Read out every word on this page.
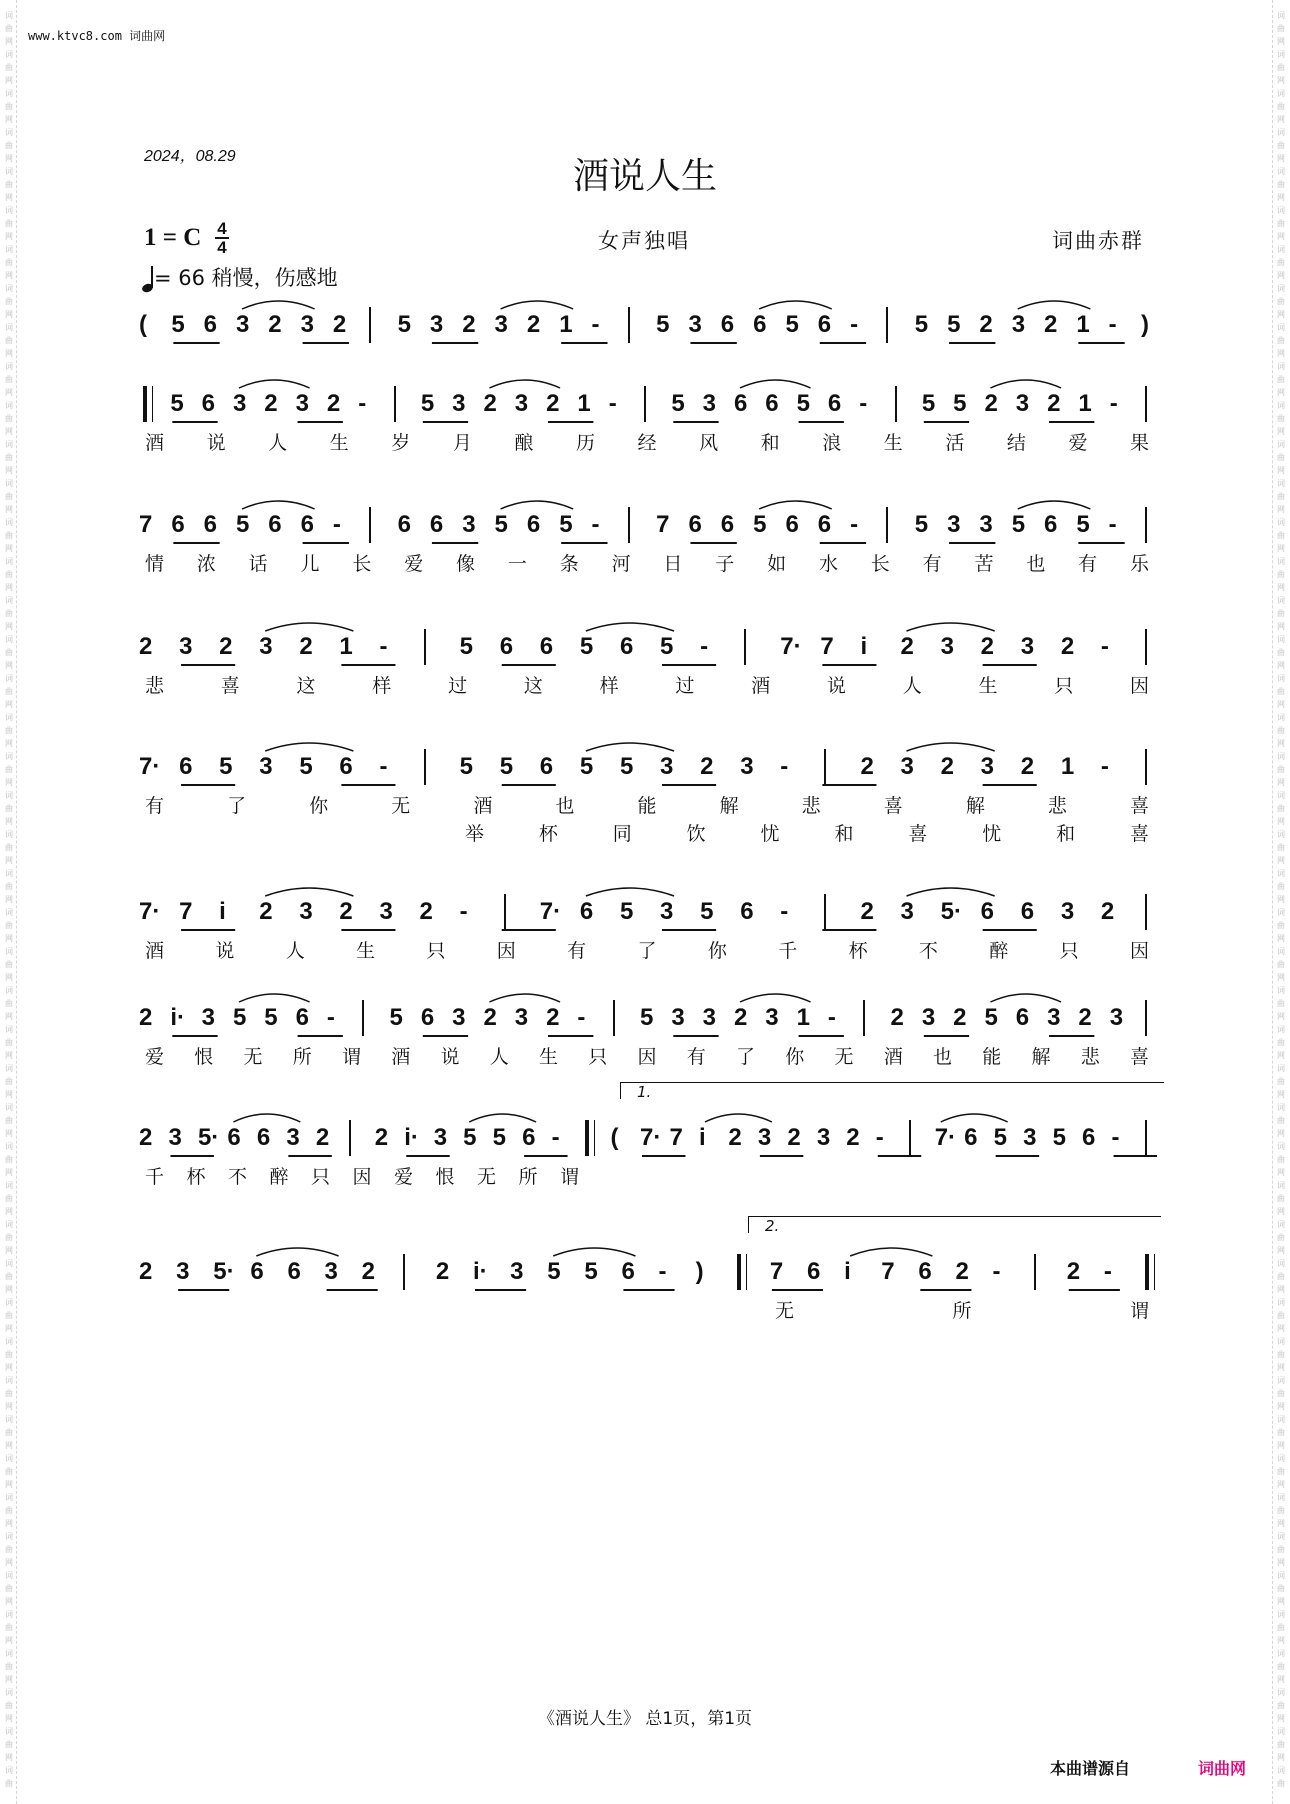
词
曲
网
词
曲
网
词
曲
网
词
曲
网
词
曲
网
词
曲
网
词
曲
网
词
曲
网
词
曲
网
词
曲
网
词
曲
网
词
曲
网
词
曲
网
词
曲
网
词
曲
网
词
曲
网
词
曲
网
词
曲
网
词
曲
网
词
曲
网
词
曲
网
词
曲
网
词
曲
网
词
曲
网
词
曲
网
词
曲
网
词
曲
网
词
曲
网
词
曲
网
词
曲
网
词
曲
网
词
曲
网
词
曲
网
词
曲
网
词
曲
网
词
曲
网
词
曲
网
词
曲
网
词
曲
网
词
曲
网
词
曲
网
词
曲
网
词
曲
网
词
曲
网
词
曲
网
词
曲
词
曲
网
词
曲
网
词
曲
网
词
曲
网
词
曲
网
词
曲
网
词
曲
网
词
曲
网
词
曲
网
词
曲
网
词
曲
网
词
曲
网
词
曲
网
词
曲
网
词
曲
网
词
曲
网
词
曲
网
词
曲
网
词
曲
网
词
曲
网
词
曲
网
词
曲
网
词
曲
网
词
曲
网
词
曲
网
词
曲
网
词
曲
网
词
曲
网
词
曲
网
词
曲
网
词
曲
网
词
曲
网
词
曲
网
词
曲
网
词
曲
网
词
曲
网
词
曲
网
词
曲
网
词
曲
网
词
曲
网
词
曲
网
词
曲
网
词
曲
网
词
曲
网
词
曲
网
词
曲
www.ktvc8.com 词曲网
2024，08.29	酒说人生
1 = C 4
4	女声独唱	词曲赤群
= 66 稍慢，伤感地
( 5 6 3 2 3 2 5 3 2 3 2 1 - 5 3 6 6 5 6 - 5 5 2 3 2 1 - )
5 6 3 2 3 2 - 5 3 2 3 2 1 - 5 3 6 6 5 6 - 5 5 2 3 2 1 -
酒 说 人 生 岁 月 酿 历 经 风 和 浪 生 活 结 爱 果
7 6 6 5 6 6 - 6 6 3 5 6 5 - 7 6 6 5 6 6 - 5 3 3 5 6 5 -
情 浓 话 儿 长 爱 像 一 条 河 日 子 如 水 长 有 苦 也 有 乐
2 3 2 3 2 1 -	5 6 6 5 6 5 -	7· 7 i 2 3 2 3 2 -
悲	喜	这	样	过	这	样	过	酒	说	人	生	只	因
7· 6 5 3 5 6 -	5 5 6 5 5 3 2 3 -	2 3 2 3 2 1 -
有	了	你	无	酒	也	能	解	悲	喜	解	悲	喜
举	杯	同	饮	忧	和	喜	忧	和	喜
7· 7 i 2 3 2 3 2 -	7· 6 5 3 5 6 -	2 3 5· 6 6 3 2
酒	说	人	生	只	因	有	了	你	千	杯	不	醉	只	因
2 i· 3 5 5 6 - 5 6 3 2 3 2 - 5 3 3 2 3 1 - 2 3 2 5 6 3 2 3
爱 恨 无 所 谓 酒 说 人 生 只 因 有 了 你 无 酒 也 能 解 悲 喜
2 3 5· 6 6 3 2 2 i· 3 5 5 6 - ( 7· 7 i 2 3 2 3 2 - 7· 6 5 3 5 6 -
1.
千 杯 不 醉 只 因 爱 恨 无 所 谓
2 3 5· 6 6 3 2	2 i· 3 5 5 6 - )	7 6 i 7 6 2 -	2 -
2.
无	所	谓
《酒说人生》 总1页，第1页
本曲谱源自	词曲网
